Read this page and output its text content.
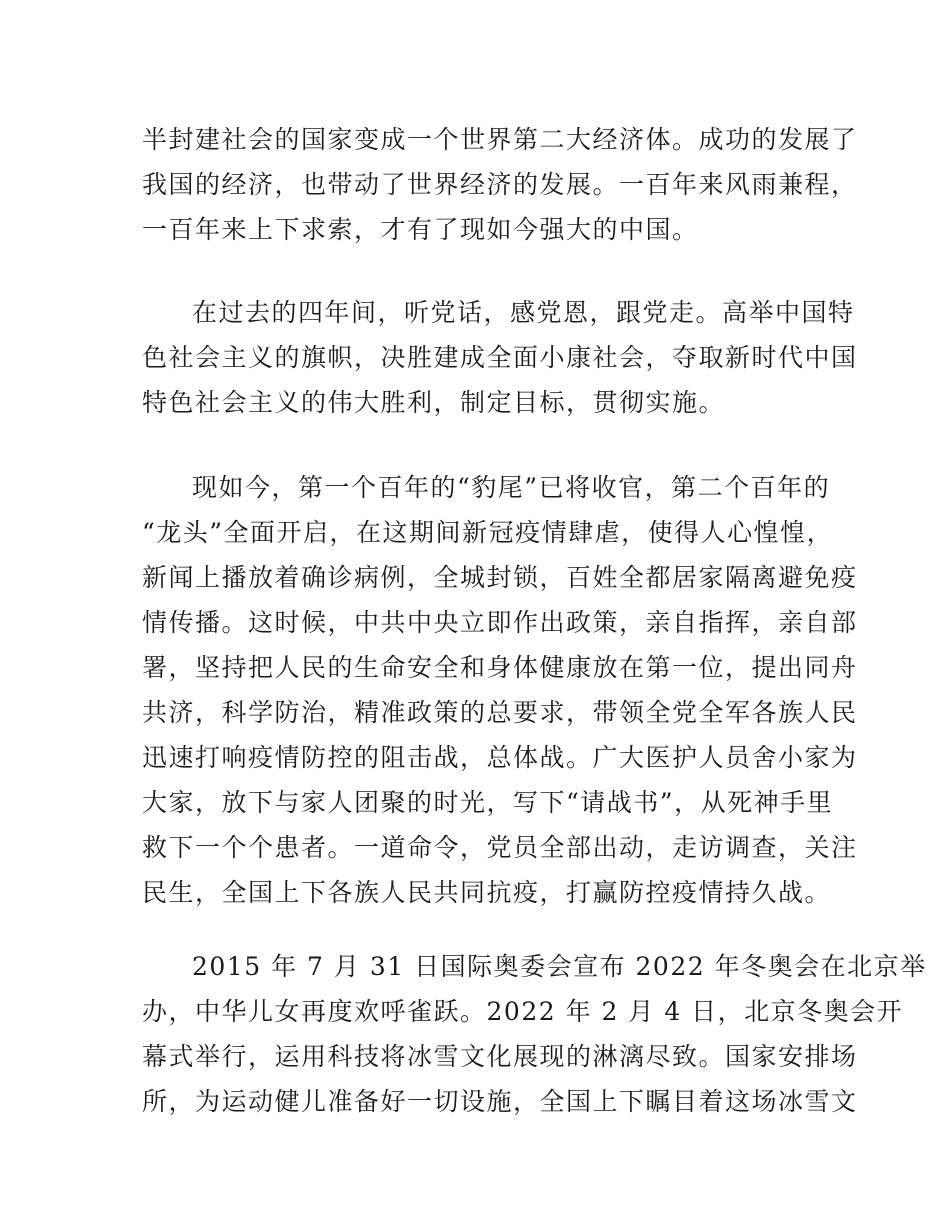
半封建社会的国家变成一个世界第二大经济体。成功的发展了
我国的经济，也带动了世界经济的发展。一百年来风雨兼程，
一百年来上下求索，才有了现如今强大的中国。
在过去的四年间，听党话，感党恩，跟党走。高举中国特
色社会主义的旗帜，决胜建成全面小康社会，夺取新时代中国
特色社会主义的伟大胜利，制定目标，贯彻实施。
现如今，第一个百年的“豹尾”已将收官，第二个百年的
“龙头”全面开启，在这期间新冠疫情肆虐，使得人心惶惶，
新闻上播放着确诊病例，全城封锁，百姓全都居家隔离避免疫
情传播。这时候，中共中央立即作出政策，亲自指挥，亲自部
署，坚持把人民的生命安全和身体健康放在第一位，提出同舟
共济，科学防治，精准政策的总要求，带领全党全军各族人民
迅速打响疫情防控的阻击战，总体战。广大医护人员舍小家为
大家，放下与家人团聚的时光，写下“请战书”，从死神手里
救下一个个患者。一道命令，党员全部出动，走访调查，关注
民生，全国上下各族人民共同抗疫，打赢防控疫情持久战。
2015 年 7 月 31 日国际奥委会宣布 2022 年冬奥会在北京举
办，中华儿女再度欢呼雀跃。2022 年 2 月 4 日，北京冬奥会开
幕式举行，运用科技将冰雪文化展现的淋漓尽致。国家安排场
所，为运动健儿准备好一切设施，全国上下瞩目着这场冰雪文
